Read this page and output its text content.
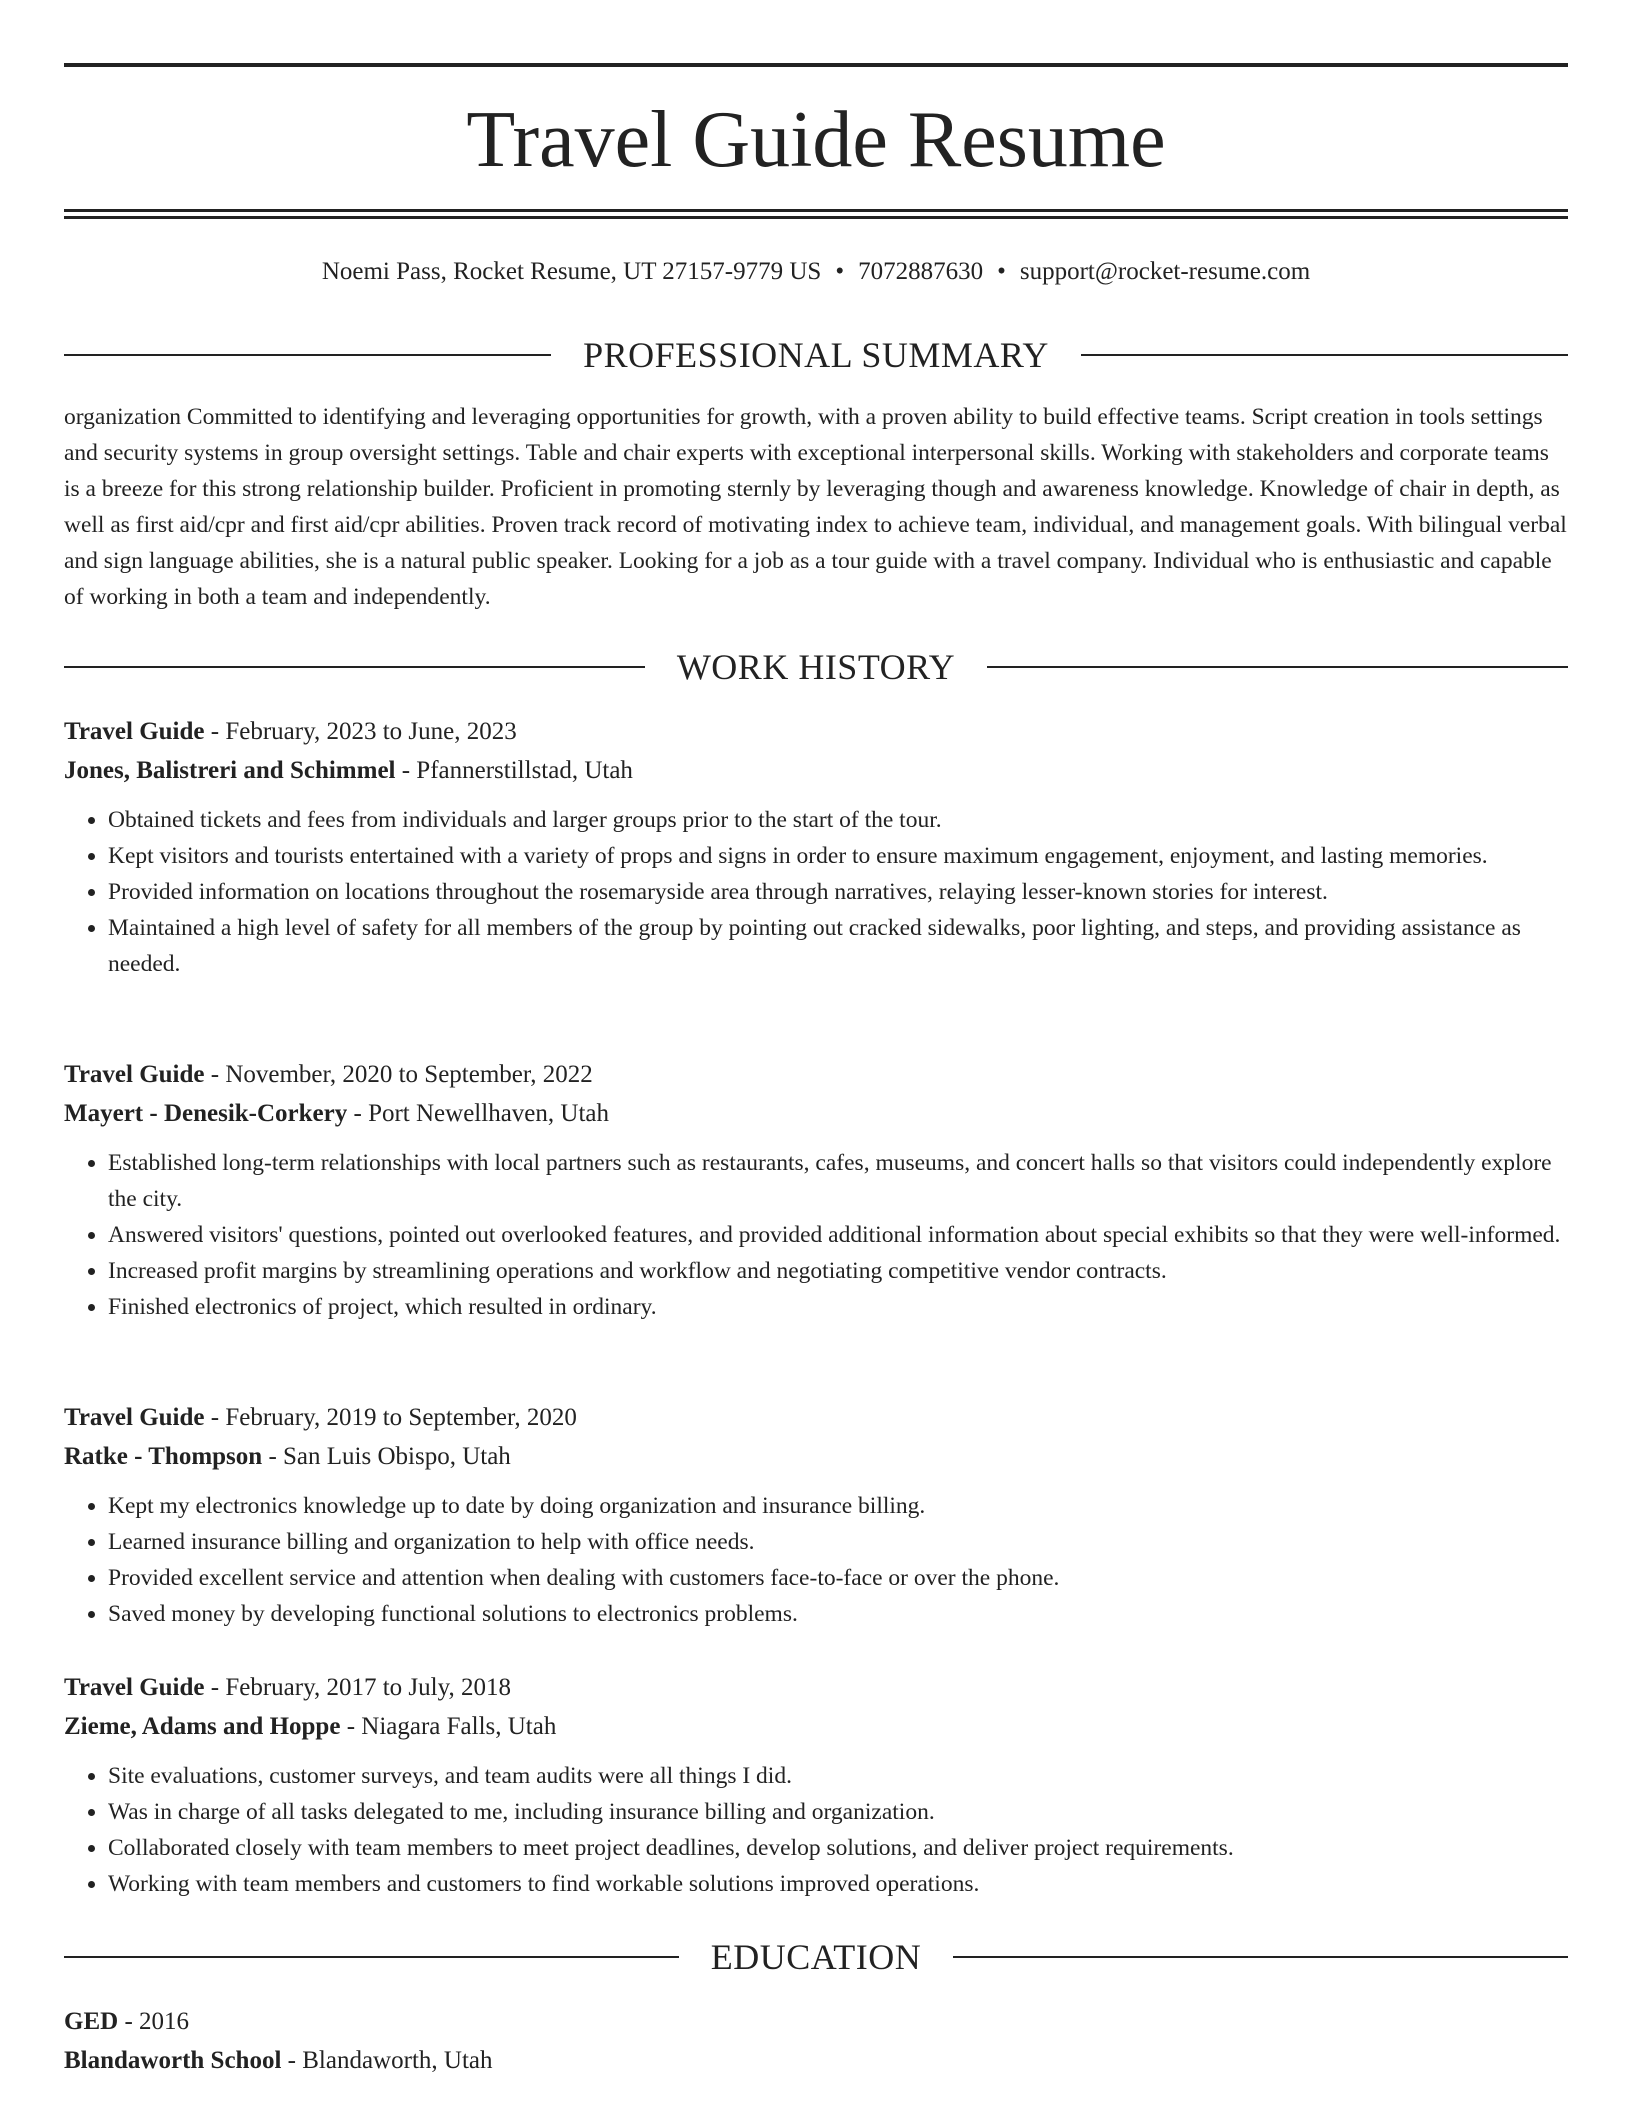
Travel Guide Resume
Noemi Pass, Rocket Resume, UT 27157-9779 US • 7072887630 • support@rocket-resume.com
PROFESSIONAL SUMMARY

organization Committed to identifying and leveraging opportunities for growth, with a proven ability to build effective teams. Script creation in tools settings and security systems in group oversight settings. Table and chair experts with exceptional interpersonal skills. Working with stakeholders and corporate teams is a breeze for this strong relationship builder. Proficient in promoting sternly by leveraging though and awareness knowledge. Knowledge of chair in depth, as well as first aid/cpr and first aid/cpr abilities. Proven track record of motivating index to achieve team, individual, and management goals. With bilingual verbal and sign language abilities, she is a natural public speaker. Looking for a job as a tour guide with a travel company. Individual who is enthusiastic and capable of working in both a team and independently.

WORK HISTORY
Travel Guide - February, 2023 to June, 2023
Jones, Balistreri and Schimmel - Pfannerstillstad, Utah
• Obtained tickets and fees from individuals and larger groups prior to the start of the tour.
• Kept visitors and tourists entertained with a variety of props and signs in order to ensure maximum engagement, enjoyment, and lasting memories.
• Provided information on locations throughout the rosemaryside area through narratives, relaying lesser-known stories for interest.
• Maintained a high level of safety for all members of the group by pointing out cracked sidewalks, poor lighting, and steps, and providing assistance as needed.
Travel Guide - November, 2020 to September, 2022
Mayert - Denesik-Corkery - Port Newellhaven, Utah
• Established long-term relationships with local partners such as restaurants, cafes, museums, and concert halls so that visitors could independently explore the city.
• Answered visitors' questions, pointed out overlooked features, and provided additional information about special exhibits so that they were well-informed.
• Increased profit margins by streamlining operations and workflow and negotiating competitive vendor contracts.
• Finished electronics of project, which resulted in ordinary.
Travel Guide - February, 2019 to September, 2020
Ratke - Thompson - San Luis Obispo, Utah
• Kept my electronics knowledge up to date by doing organization and insurance billing.
• Learned insurance billing and organization to help with office needs.
• Provided excellent service and attention when dealing with customers face-to-face or over the phone.
• Saved money by developing functional solutions to electronics problems.
Travel Guide - February, 2017 to July, 2018
Zieme, Adams and Hoppe - Niagara Falls, Utah
• Site evaluations, customer surveys, and team audits were all things I did.
• Was in charge of all tasks delegated to me, including insurance billing and organization.
• Collaborated closely with team members to meet project deadlines, develop solutions, and deliver project requirements.
• Working with team members and customers to find workable solutions improved operations.
EDUCATION
GED - 2016
Blandaworth School - Blandaworth, Utah
